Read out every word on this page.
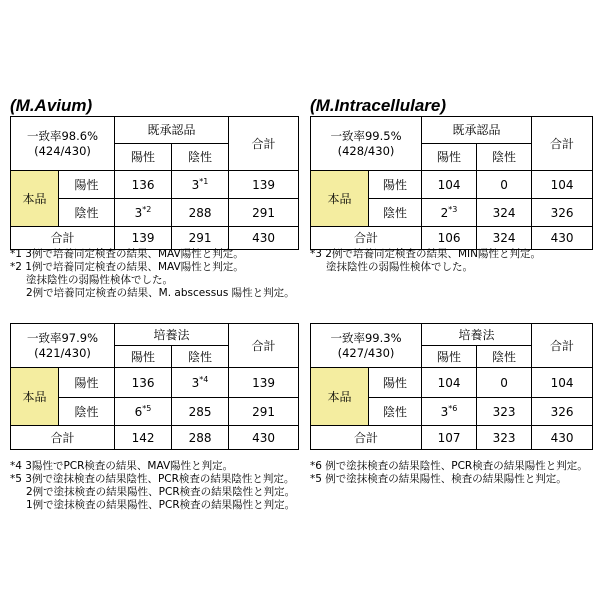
(M.Avium)
一致率98.6%
(424/430)		既承認品		合計
		陽性	陰性	
本品	陽性	136	3$^{*1}$	139
	陰性	3$^{*2}$	288	291
合計		139	291	430
*1 3例で培養同定検査の結果、MAV陽性と判定。
*2 1例で培養同定検査の結果、MAV陽性と判定。
塗抹陰性の弱陽性検体でした。
2例で培養同定検査の結果、M. abscessus 陽性と判定。
(M.Intracellulare)
一致率99.5%
(428/430)		既承認品		合計
		陽性	陰性	
本品	陽性	104	0	104
	陰性	2$^{*3}$	324	326
合計		106	324	430
*3 2例で培養同定検査の結果、MIN陽性と判定。
塗抹陰性の弱陽性検体でした。
一致率97.9%
(421/430)		培養法		合計
		陽性	陰性	
本品	陽性	136	3$^{*4}$	139
	陰性	6$^{*5}$	285	291
合計		142	288	430
*4 3陽性でPCR検査の結果、MAV陽性と判定。
*5 3例で塗抹検査の結果陰性、PCR検査の結果陰性と判定。
2例で塗抹検査の結果陽性、PCR検査の結果陰性と判定。
1例で塗抹検査の結果陽性、PCR検査の結果陽性と判定。
一致率99.3%
(427/430)		培養法		合計
		陽性	陰性	
本品	陽性	104	0	104
	陰性	3$^{*6}$	323	326
合計		107	323	430
*6 例で塗抹検査の結果陰性、PCR検査の結果陽性と判定。
*5 例で塗抹検査の結果陽性、検査の結果陽性と判定。
